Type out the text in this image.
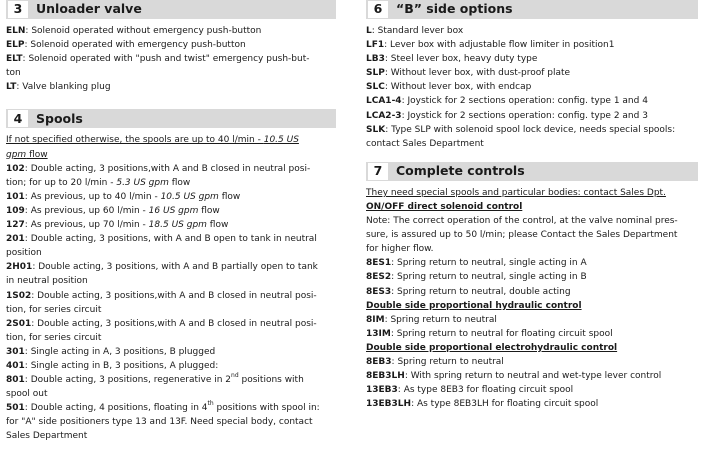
3	Unloader valve
ELN: Solenoid operated without emergency push-button
ELP: Solenoid operated with emergency push-button
ELT: Solenoid operated with "push and twist" emergency push-but-
ton
LT: Valve blanking plug
4	Spools
If not specified otherwise, the spools are up to 40 l/min - 10.5 US
gpm flow
102: Double acting, 3 positions,with A and B closed in neutral posi-
tion; for up to 20 l/min - 5.3 US gpm flow
101: As previous, up to 40 l/min - 10.5 US gpm flow
109: As previous, up 60 l/min - 16 US gpm flow
127: As previous, up 70 l/min - 18.5 US gpm flow
201: Double acting, 3 positions, with A and B open to tank in neutral
position
2H01: Double acting, 3 positions, with A and B partially open to tank
in neutral position
1S02: Double acting, 3 positions,with A and B closed in neutral posi-
tion, for series circuit
2S01: Double acting, 3 positions,with A and B closed in neutral posi-
tion, for series circuit
301: Single acting in A, 3 positions, B plugged
401: Single acting in B, 3 positions, A plugged:
801: Double acting, 3 positions, regenerative in 2nd positions with
spool out
501: Double acting, 4 positions, floating in 4th positions with spool in:
for "A" side positioners type 13 and 13F. Need special body, contact
Sales Department
6	“B” side options
L: Standard lever box
LF1: Lever box with adjustable flow limiter in position1
LB3: Steel lever box, heavy duty type
SLP: Without lever box, with dust-proof plate
SLC: Without lever box, with endcap
LCA1-4: Joystick for 2 sections operation: config. type 1 and 4
LCA2-3: Joystick for 2 sections operation: config. type 2 and 3
SLK: Type SLP with solenoid spool lock device, needs special spools:
contact Sales Department
7	Complete controls
They need special spools and particular bodies: contact Sales Dpt.
ON/OFF direct solenoid control
Note: The correct operation of the control, at the valve nominal pres-
sure, is assured up to 50 l/min; please Contact the Sales Department
for higher flow.
8ES1: Spring return to neutral, single acting in A
8ES2: Spring return to neutral, single acting in B
8ES3: Spring return to neutral, double acting
Double side proportional hydraulic control
8IM: Spring return to neutral
13IM: Spring return to neutral for floating circuit spool
Double side proportional electrohydraulic control
8EB3: Spring return to neutral
8EB3LH: With spring return to neutral and wet-type lever control
13EB3: As type 8EB3 for floating circuit spool
13EB3LH: As type 8EB3LH for floating circuit spool
